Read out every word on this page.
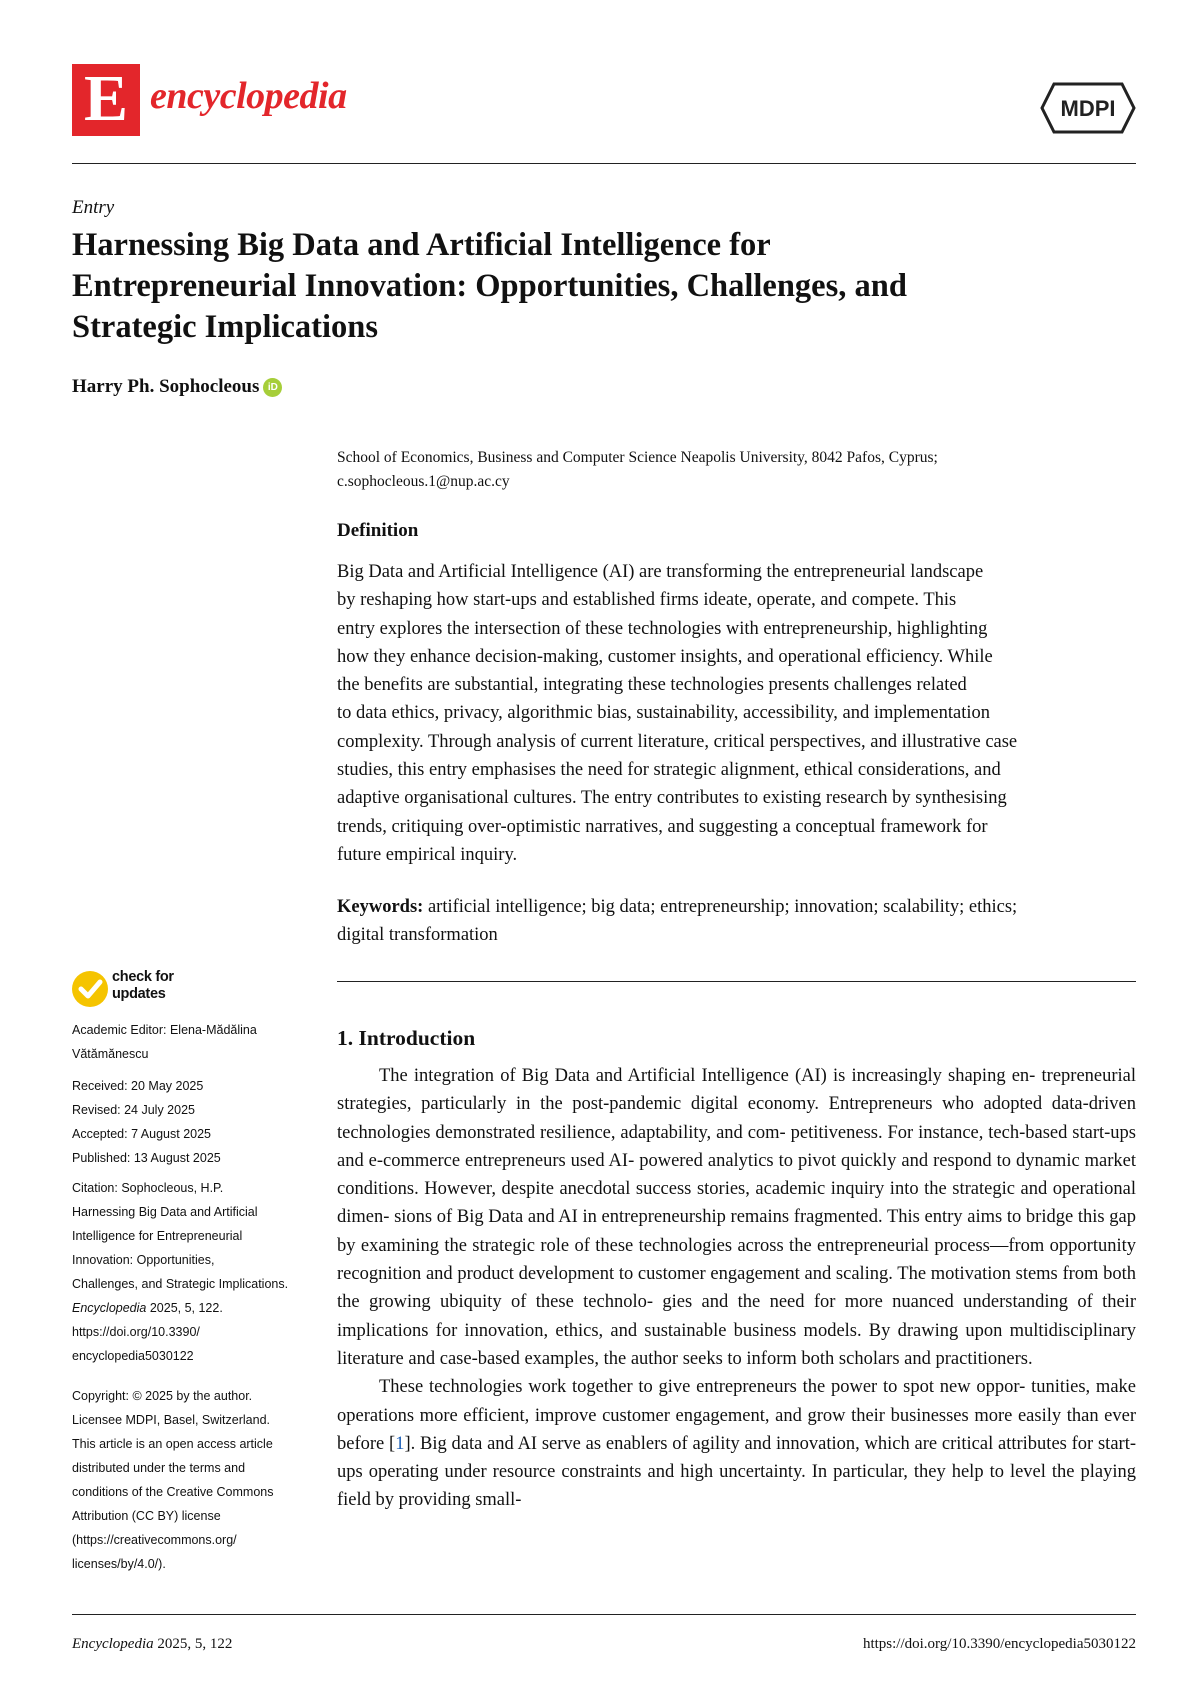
E encyclopedia	MDPI
Entry
Harnessing Big Data and Artificial Intelligence for
Entrepreneurial Innovation: Opportunities, Challenges, and
Strategic Implications
Harry Ph. Sophocleous iD
School of Economics, Business and Computer Science Neapolis University, 8042 Pafos, Cyprus;
c.sophocleous.1@nup.ac.cy
Definition
Big Data and Artificial Intelligence (AI) are transforming the entrepreneurial landscape
by reshaping how start-ups and established firms ideate, operate, and compete. This
entry explores the intersection of these technologies with entrepreneurship, highlighting
how they enhance decision-making, customer insights, and operational efficiency. While
the benefits are substantial, integrating these technologies presents challenges related
to data ethics, privacy, algorithmic bias, sustainability, accessibility, and implementation
complexity. Through analysis of current literature, critical perspectives, and illustrative case
studies, this entry emphasises the need for strategic alignment, ethical considerations, and
adaptive organisational cultures. The entry contributes to existing research by synthesising
trends, critiquing over-optimistic narratives, and suggesting a conceptual framework for
future empirical inquiry.
Keywords: artificial intelligence; big data; entrepreneurship; innovation; scalability; ethics;
digital transformation
1. Introduction

The integration of Big Data and Artificial Intelligence (AI) is increasingly shaping en- trepreneurial strategies, particularly in the post-pandemic digital economy. Entrepreneurs who adopted data-driven technologies demonstrated resilience, adaptability, and com- petitiveness. For instance, tech-based start-ups and e-commerce entrepreneurs used AI- powered analytics to pivot quickly and respond to dynamic market conditions. However, despite anecdotal success stories, academic inquiry into the strategic and operational dimen- sions of Big Data and AI in entrepreneurship remains fragmented. This entry aims to bridge this gap by examining the strategic role of these technologies across the entrepreneurial process—from opportunity recognition and product development to customer engagement and scaling. The motivation stems from both the growing ubiquity of these technolo- gies and the need for more nuanced understanding of their implications for innovation, ethics, and sustainable business models. By drawing upon multidisciplinary literature and case-based examples, the author seeks to inform both scholars and practitioners.

These technologies work together to give entrepreneurs the power to spot new oppor- tunities, make operations more efficient, improve customer engagement, and grow their businesses more easily than ever before [1]. Big data and AI serve as enablers of agility and innovation, which are critical attributes for start-ups operating under resource constraints and high uncertainty. In particular, they help to level the playing field by providing small-

check for
updates
Academic Editor: Elena-Mădălina
Vătămănescu
Received: 20 May 2025
Revised: 24 July 2025
Accepted: 7 August 2025
Published: 13 August 2025
Citation: Sophocleous, H.P.
Harnessing Big Data and Artificial
Intelligence for Entrepreneurial
Innovation: Opportunities,
Challenges, and Strategic Implications.
Encyclopedia 2025, 5, 122.
https://doi.org/10.3390/
encyclopedia5030122
Copyright: © 2025 by the author.
Licensee MDPI, Basel, Switzerland.
This article is an open access article
distributed under the terms and
conditions of the Creative Commons
Attribution (CC BY) license
(https://creativecommons.org/
licenses/by/4.0/).
Encyclopedia 2025, 5, 122	https://doi.org/10.3390/encyclopedia5030122
